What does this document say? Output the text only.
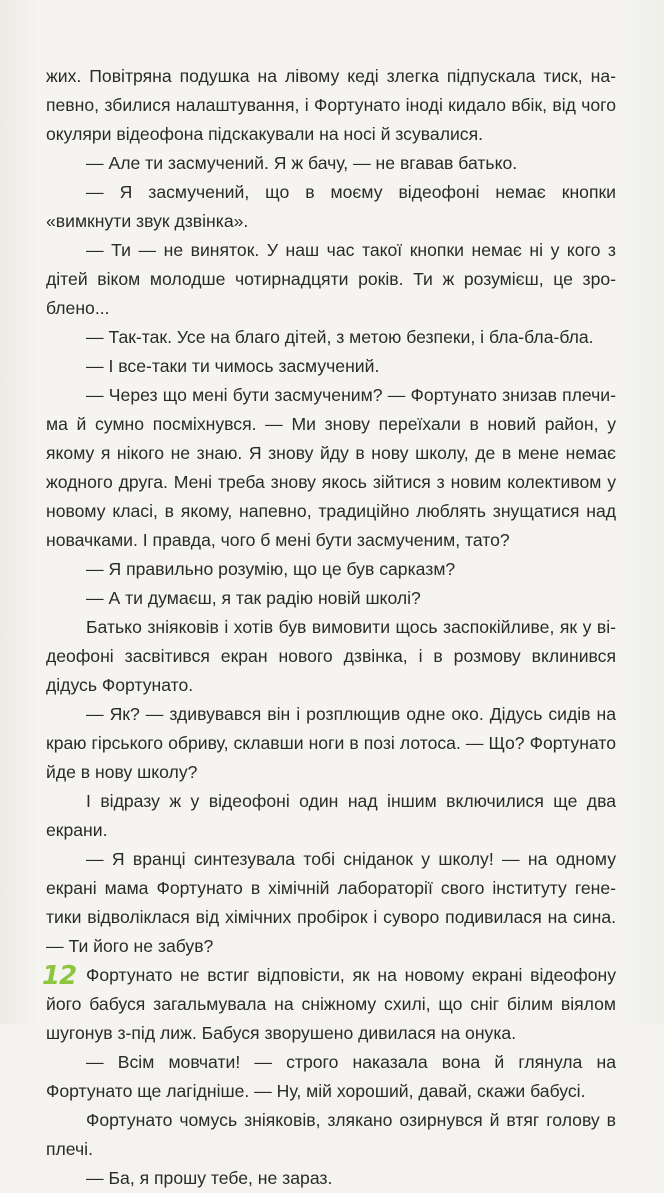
жих. Повітряна подушка на лівому кеді злегка підпускала тиск, напевно, збилися налаштування, і Фортунато іноді кидало вбік, від чого окуляри відеофона підскакували на носі й зсувалися.

— Але ти засмучений. Я ж бачу, — не вгавав батько.

— Я засмучений, що в моєму відеофоні немає кнопки «вимкнути звук дзвінка».

— Ти — не виняток. У наш час такої кнопки немає ні у кого з дітей віком молодше чотирнадцяти років. Ти ж розумієш, це зроблено...

— Так-так. Усе на благо дітей, з метою безпеки, і бла-бла-бла.

— І все-таки ти чимось засмучений.

— Через що мені бути засмученим? — Фортунато знизав плечима й сумно посміхнувся. — Ми знову переїхали в новий район, у якому я нікого не знаю. Я знову йду в нову школу, де в мене немає жодного друга. Мені треба знову якось зійтися з новим колективом у новому класі, в якому, напевно, традиційно люблять знущатися над новачками. І правда, чого б мені бути засмученим, тато?

— Я правильно розумію, що це був сарказм?

— А ти думаєш, я так радію новій школі?

Батько зніяковів і хотів був вимовити щось заспокійливе, як у відеофоні засвітився екран нового дзвінка, і в розмову вклинився дідусь Фортунато.

— Як? — здивувався він і розплющив одне око. Дідусь сидів на краю гірського обриву, склавши ноги в позі лотоса. — Що? Фортунато йде в нову школу?

І відразу ж у відеофоні один над іншим включилися ще два екрани.

— Я вранці синтезувала тобі сніданок у школу! — на одному екрані мама Фортунато в хімічній лабораторії свого інституту генетики відволіклася від хімічних пробірок і суворо подивилася на сина. — Ти його не забув?

Фортунато не встиг відповісти, як на новому екрані відеофону його бабуся загальмувала на сніжному схилі, що сніг білим віялом шугонув з-під лиж. Бабуся зворушено дивилася на онука.

— Всім мовчати! — строго наказала вона й глянула на Фортунато ще лагідніше. — Ну, мій хороший, давай, скажи бабусі.

Фортунато чомусь зніяковів, злякано озирнувся й втяг голову в плечі.

— Ба, я прошу тебе, не зараз.

12
